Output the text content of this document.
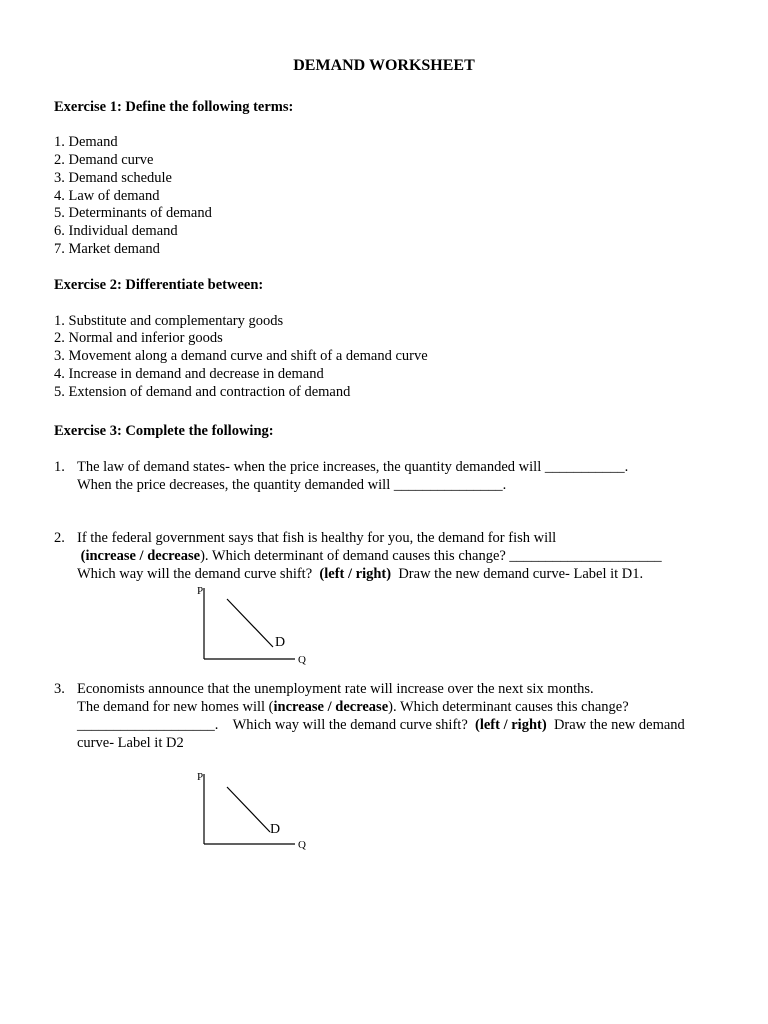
DEMAND WORKSHEET
Exercise 1: Define the following terms:
1. Demand
2. Demand curve
3. Demand schedule
4. Law of demand
5. Determinants of demand
6. Individual demand
7. Market demand
Exercise 2: Differentiate between:
1. Substitute and complementary goods
2. Normal and inferior goods
3. Movement along a demand curve and shift of a demand curve
4. Increase in demand and decrease in demand
5. Extension of demand and contraction of demand
Exercise 3: Complete the following:
1. The law of demand states- when the price increases, the quantity demanded will ___________.
When the price decreases, the quantity demanded will _______________.
2. If the federal government says that fish is healthy for you, the demand for fish will
(increase / decrease). Which determinant of demand causes this change? _____________________
Which way will the demand curve shift?  (left / right)  Draw the new demand curve- Label it D1.
P
Q
D
3. Economists announce that the unemployment rate will increase over the next six months.
The demand for new homes will (increase / decrease). Which determinant causes this change?
___________________.    Which way will the demand curve shift?  (left / right)  Draw the new demand
curve- Label it D2
P
Q
D
